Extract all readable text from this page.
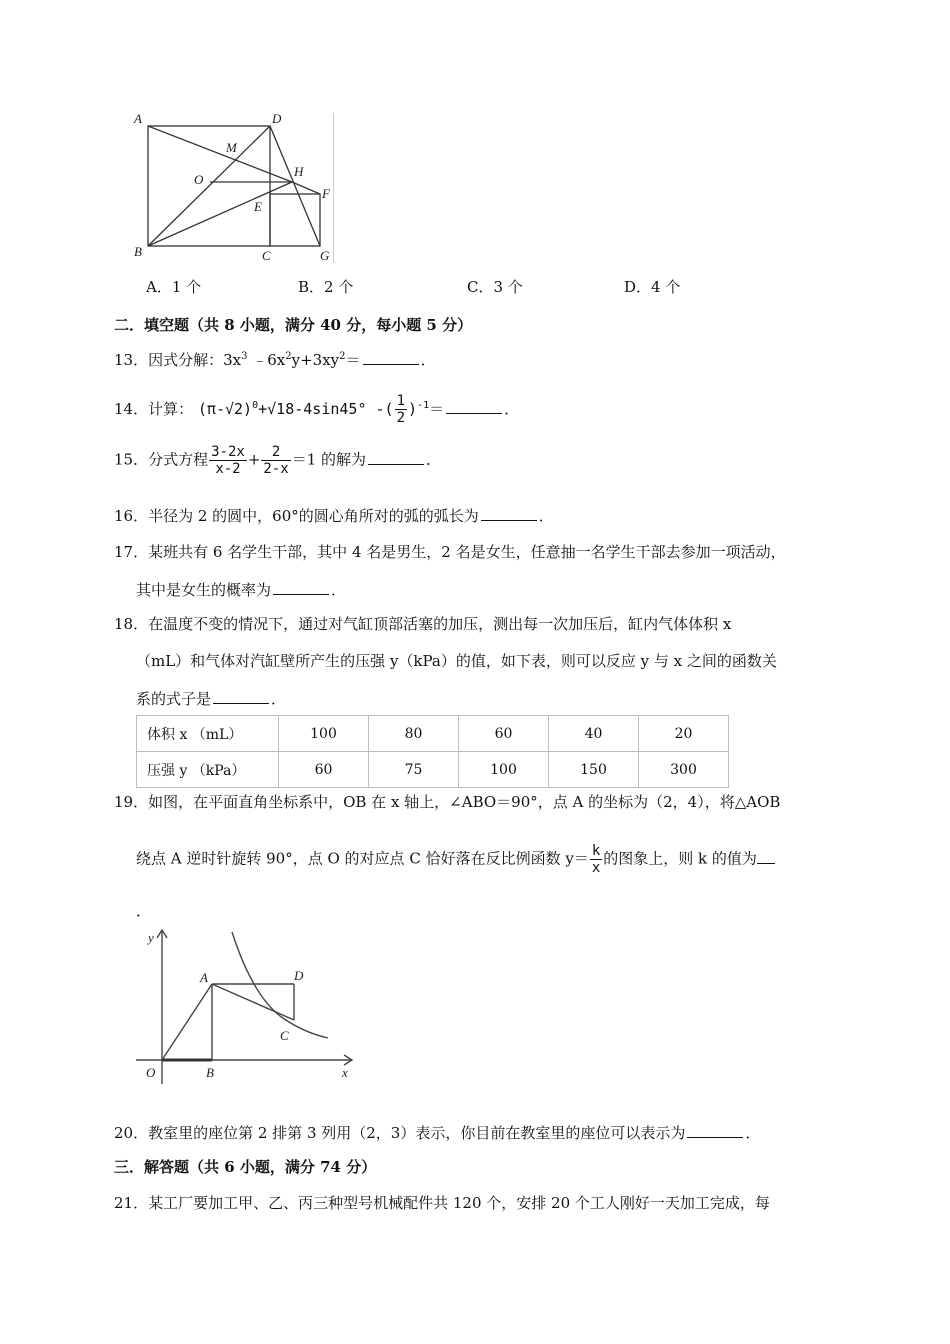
A	D
M
O
H
E
F
B	C	G
A．1 个	B．2 个	C．3 个	D．4 个
二．填空题（共 8 小题，满分 40 分，每小题 5 分）
13．因式分解：$3x^3$ $﹣6x^2y+3xy^2=$	．
14．计算： $(\pi-√2)^0+√18-4\sin 45^\circ$ -( $\frac{1}{2} )^{-1}=$	．
15．分式方程 $\frac{3-2x}{x-2} + \frac{2}{2-x} =1$ 的解为	．
16．半径为 2 的圆中，60°的圆心角所对的弧的弧长为	．
17．某班共有 6 名学生干部，其中 4 名是男生，2 名是女生，任意抽一名学生干部去参加一项活动，
其中是女生的概率为	．
18．在温度不变的情况下，通过对气缸顶部活塞的加压，测出每一次加压后，缸内气体体积 x
（mL）和气体对汽缸壁所产生的压强 y（kPa）的值，如下表，则可以反应 y 与 x 之间的函数关
系的式子是	．
体积 x （mL）	100	80	60	40	20
压强 y （kPa）	60	75	100	150	300
19．如图，在平面直角坐标系中，OB 在 x 轴上，∠ABO＝90°，点 A 的坐标为（2，4），将△AOB
绕点 A 逆时针旋转 90°，点 O 的对应点 C 恰好落在反比例函数 $y= \frac{k}{x}$ 的图象上，则 k 的值为
．
y
A	D
C
O	B	x
20．教室里的座位第 2 排第 3 列用（2，3）表示，你目前在教室里的座位可以表示为	．
三．解答题（共 6 小题，满分 74 分）
21．某工厂要加工甲、乙、丙三种型号机械配件共 120 个，安排 20 个工人刚好一天加工完成，每
